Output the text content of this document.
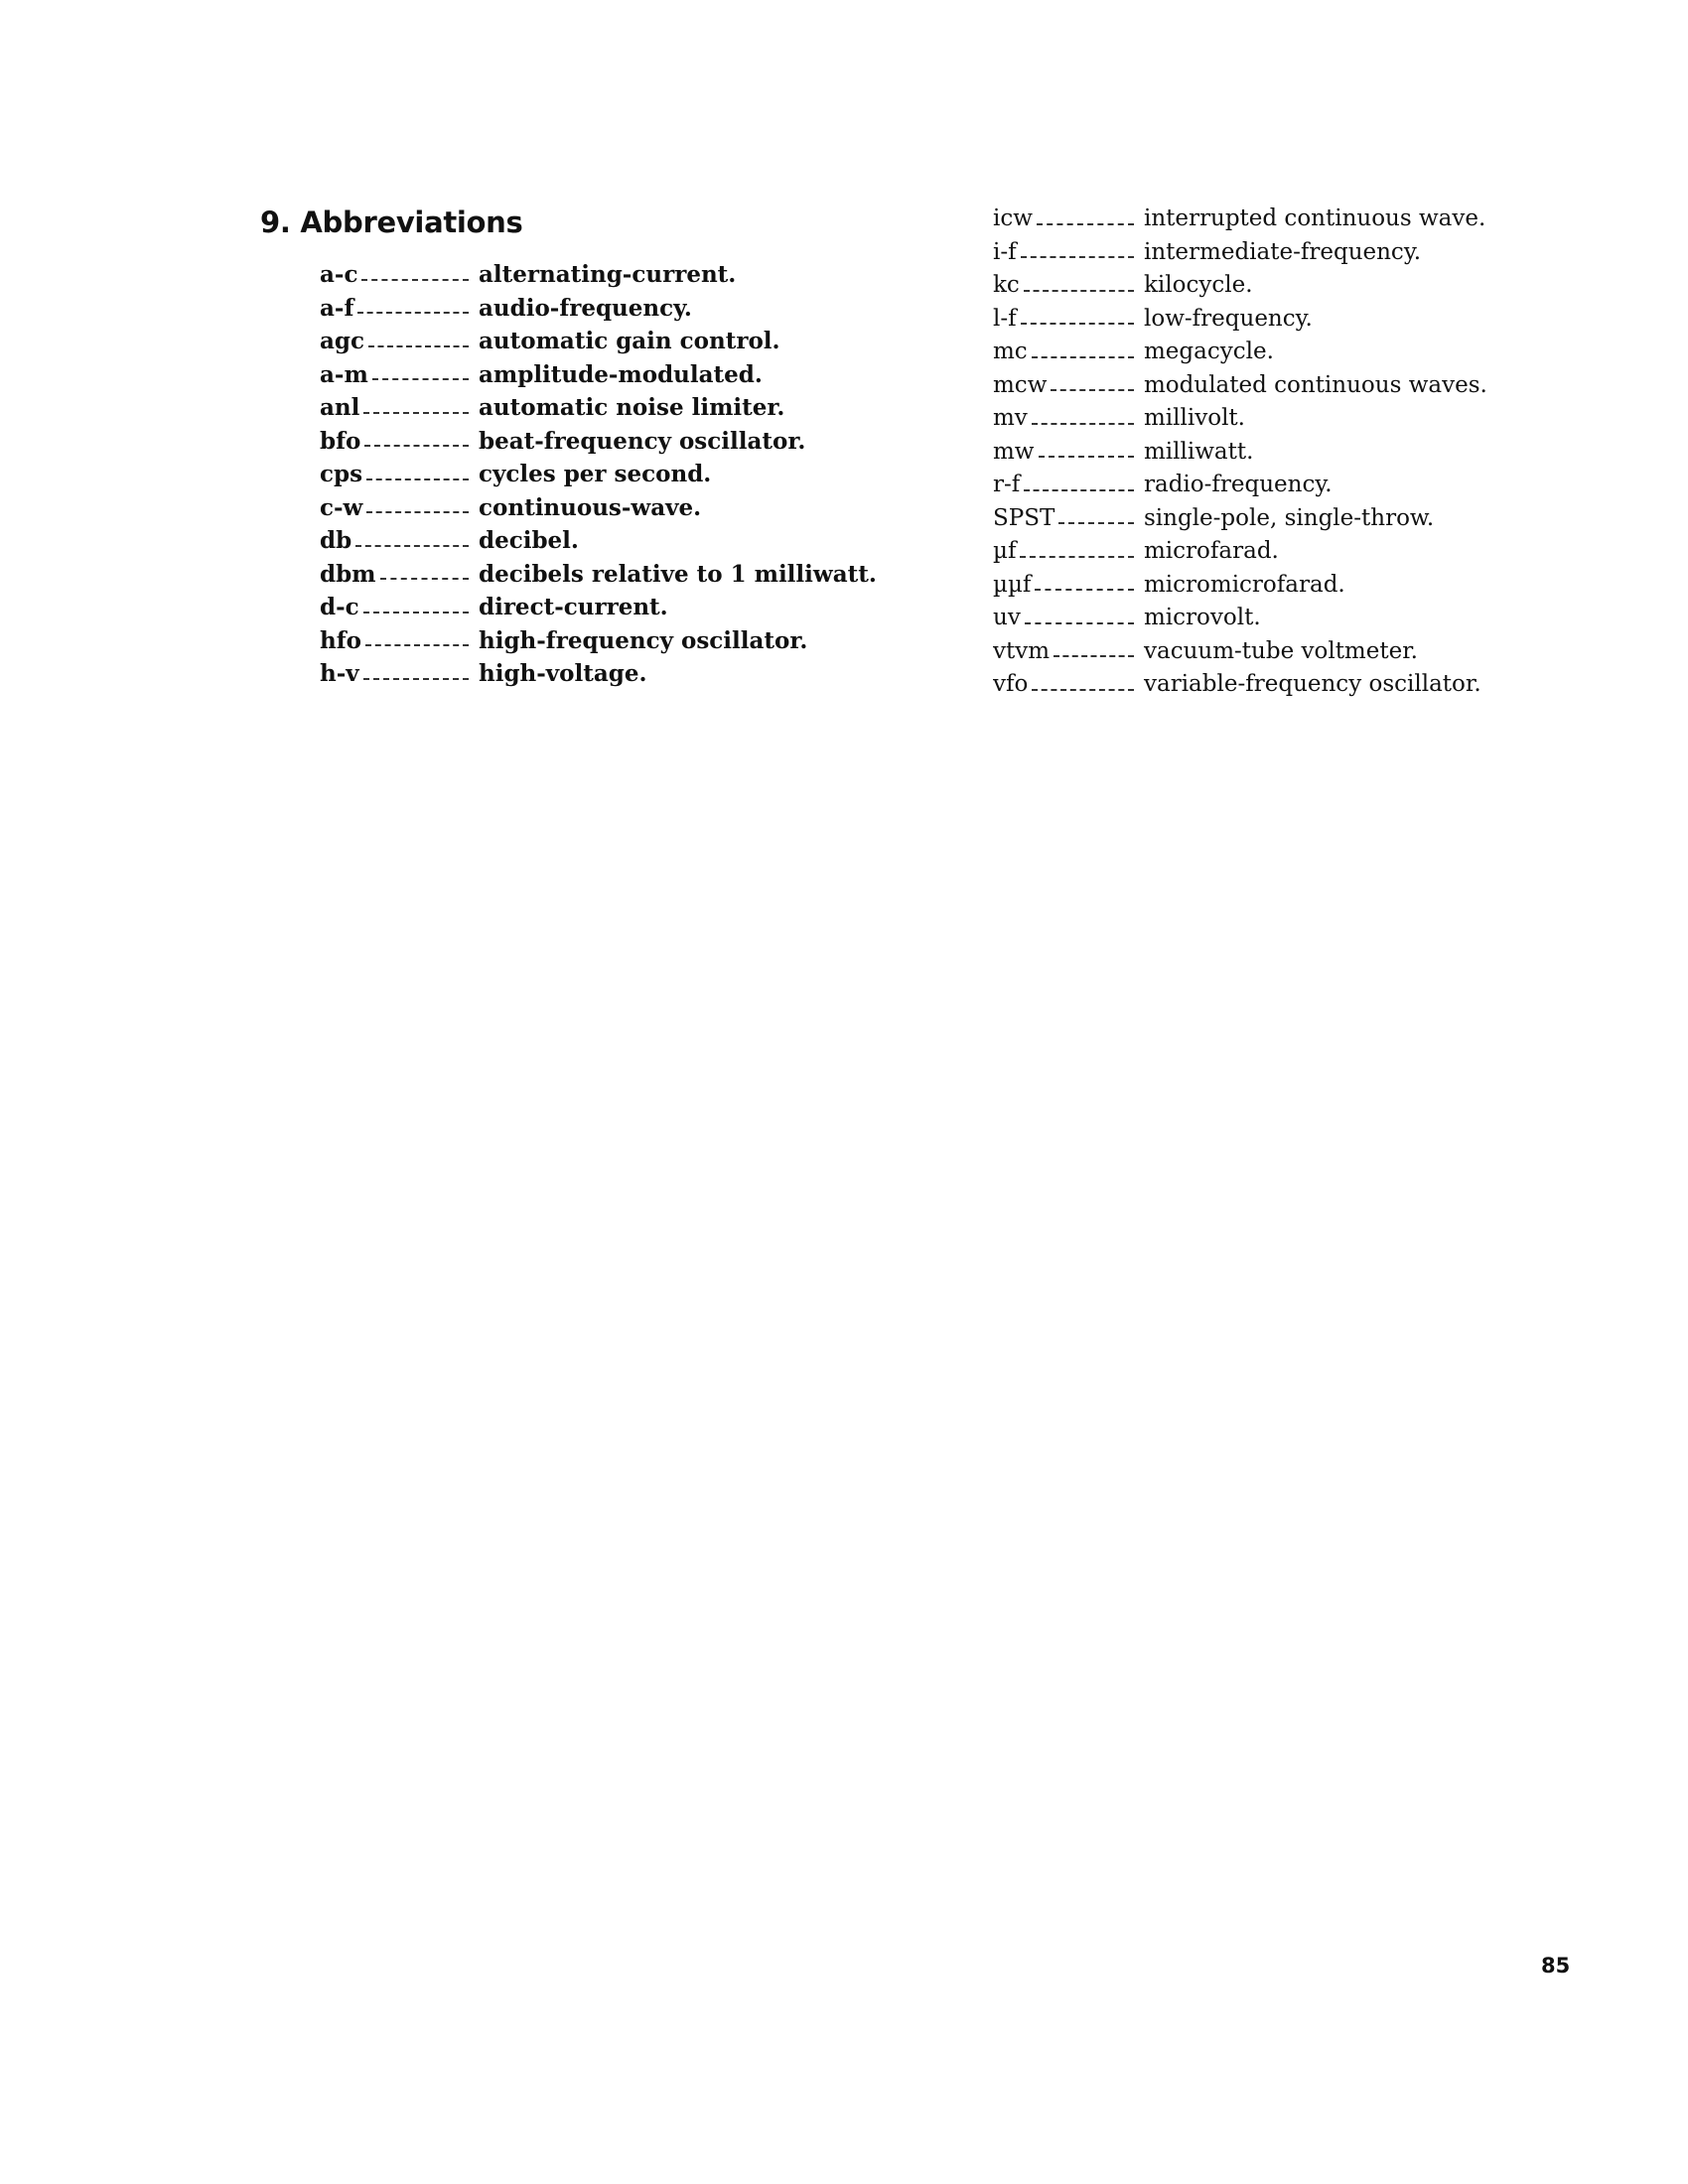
9. Abbreviations
a-c	alternating-current.
a-f	audio-frequency.
agc	automatic gain control.
a-m	amplitude-modulated.
anl	automatic noise limiter.
bfo	beat-frequency oscillator.
cps	cycles per second.
c-w	continuous-wave.
db	decibel.
dbm	decibels relative to 1 milliwatt.
d-c	direct-current.
hfo	high-frequency oscillator.
h-v	high-voltage.
icw	interrupted continuous wave.
i-f	intermediate-frequency.
kc	kilocycle.
l-f	low-frequency.
mc	megacycle.
mcw	modulated continuous waves.
mv	millivolt.
mw	milliwatt.
r-f	radio-frequency.
SPST	single-pole, single-throw.
µf	microfarad.
µµf	micromicrofarad.
uv	microvolt.
vtvm	vacuum-tube voltmeter.
vfo	variable-frequency oscillator.
85
